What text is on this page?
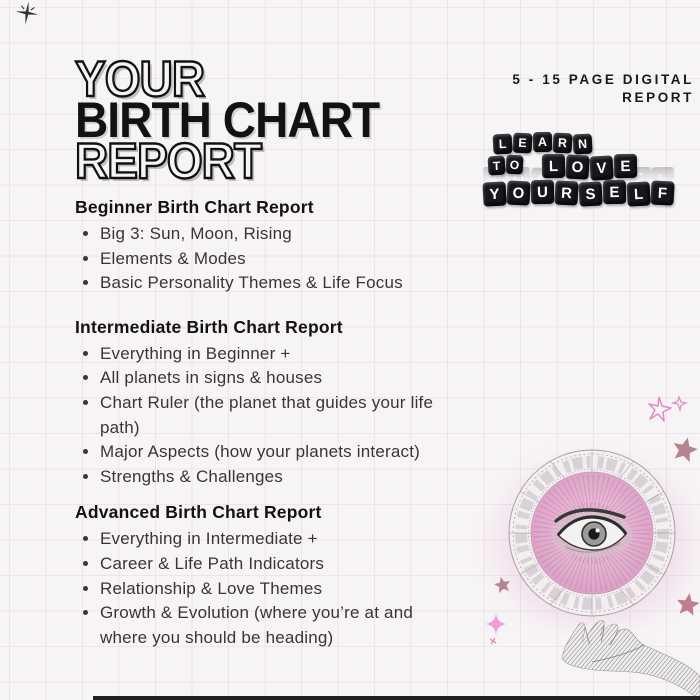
YOUR
BIRTH CHART
REPORT
5 - 15 PAGE DIGITAL
REPORT
L E A R N
T O	L O V E
Y O U R S E L F
Beginner Birth Chart Report
• Big 3: Sun, Moon, Rising
• Elements & Modes
• Basic Personality Themes & Life Focus
Intermediate Birth Chart Report
• Everything in Beginner +
• All planets in signs & houses
• Chart Ruler (the planet that guides your life path)
• Major Aspects (how your planets interact)
• Strengths & Challenges
Advanced Birth Chart Report
• Everything in Intermediate +
• Career & Life Path Indicators
• Relationship & Love Themes
• Growth & Evolution (where you’re at and where you should be heading)
